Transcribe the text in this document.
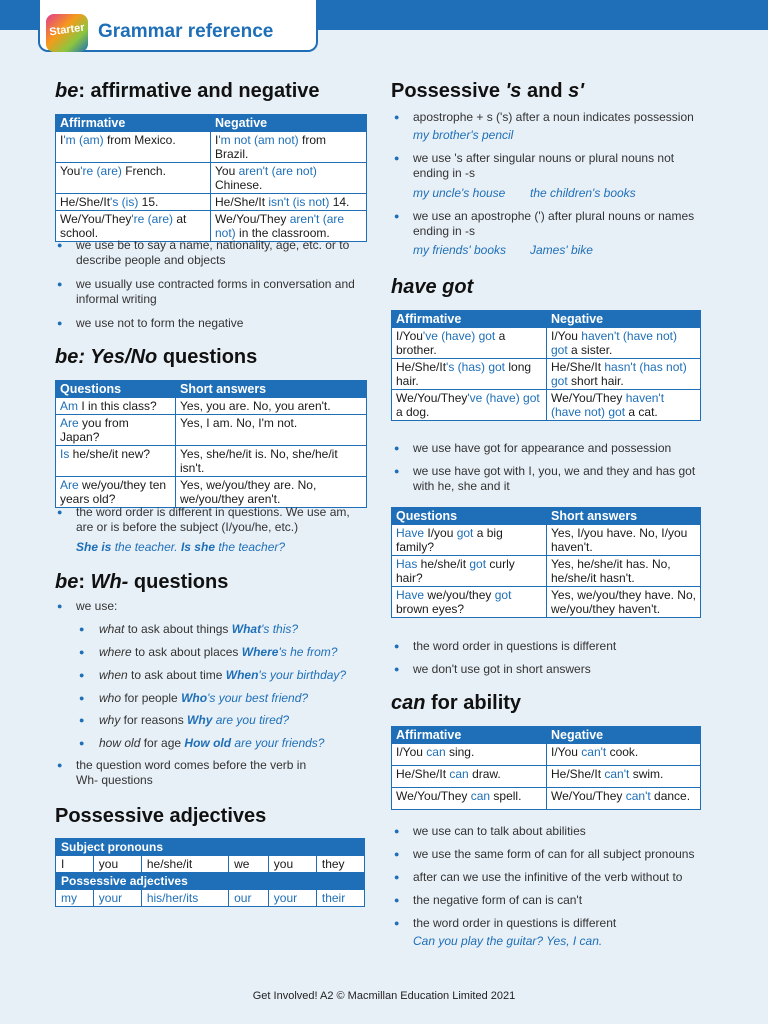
Starter Grammar reference
be: affirmative and negative
Affirmative	Negative
I'm (am) from Mexico.	I'm not (am not) from Brazil.
You're (are) French.	You aren't (are not) Chinese.
He/She/It's (is) 15.	He/She/It isn't (is not) 14.
We/You/They're (are) at school.	We/You/They aren't (are not) in the classroom.
● we use be to say a name, nationality, age, etc. or to describe people and objects
● we usually use contracted forms in conversation and informal writing
● we use not to form the negative
be: Yes/No questions
Questions	Short answers
Am I in this class?	Yes, you are. No, you aren't.
Are you from Japan?	Yes, I am. No, I'm not.
Is he/she/it new?	Yes, she/he/it is. No, she/he/it isn't.
Are we/you/they ten years old?	Yes, we/you/they are. No, we/you/they aren't.
● the word order is different in questions. We use am, are or is before the subject (I/you/he, etc.)
She is the teacher. Is she the teacher?
be: Wh- questions
● we use:
● what to ask about things What's this?
● where to ask about places Where's he from?
● when to ask about time When's your birthday?
● who for people Who's your best friend?
● why for reasons Why are you tired?
● how old for age How old are your friends?
● the question word comes before the verb in Wh- questions
Possessive adjectives
Subject pronouns					
I	you	he/she/it	we	you	they
Possessive adjectives					
my	your	his/her/its	our	your	their
Possessive 's and s'
● apostrophe + s ('s) after a noun indicates possession
my brother's pencil
● we use 's after singular nouns or plural nouns not ending in -s
my uncle's house the children's books
● we use an apostrophe (') after plural nouns or names ending in -s
my friends' books James' bike
have got
Affirmative	Negative
I/You've (have) got a brother.	I/You haven't (have not) got a sister.
He/She/It's (has) got long hair.	He/She/It hasn't (has not) got short hair.
We/You/They've (have) got a dog.	We/You/They haven't (have not) got a cat.
● we use have got for appearance and possession
● we use have got with I, you, we and they and has got with he, she and it
Questions	Short answers
Have I/you got a big family?	Yes, I/you have. No, I/you haven't.
Has he/she/it got curly hair?	Yes, he/she/it has. No, he/she/it hasn't.
Have we/you/they got brown eyes?	Yes, we/you/they have. No, we/you/they haven't.
● the word order in questions is different
● we don't use got in short answers
can for ability
Affirmative	Negative
I/You can sing.	I/You can't cook.
He/She/It can draw.	He/She/It can't swim.
We/You/They can spell.	We/You/They can't dance.
● we use can to talk about abilities
● we use the same form of can for all subject pronouns
● after can we use the infinitive of the verb without to
● the negative form of can is can't
● the word order in questions is different
Can you play the guitar? Yes, I can.
Get Involved! A2 © Macmillan Education Limited 2021
